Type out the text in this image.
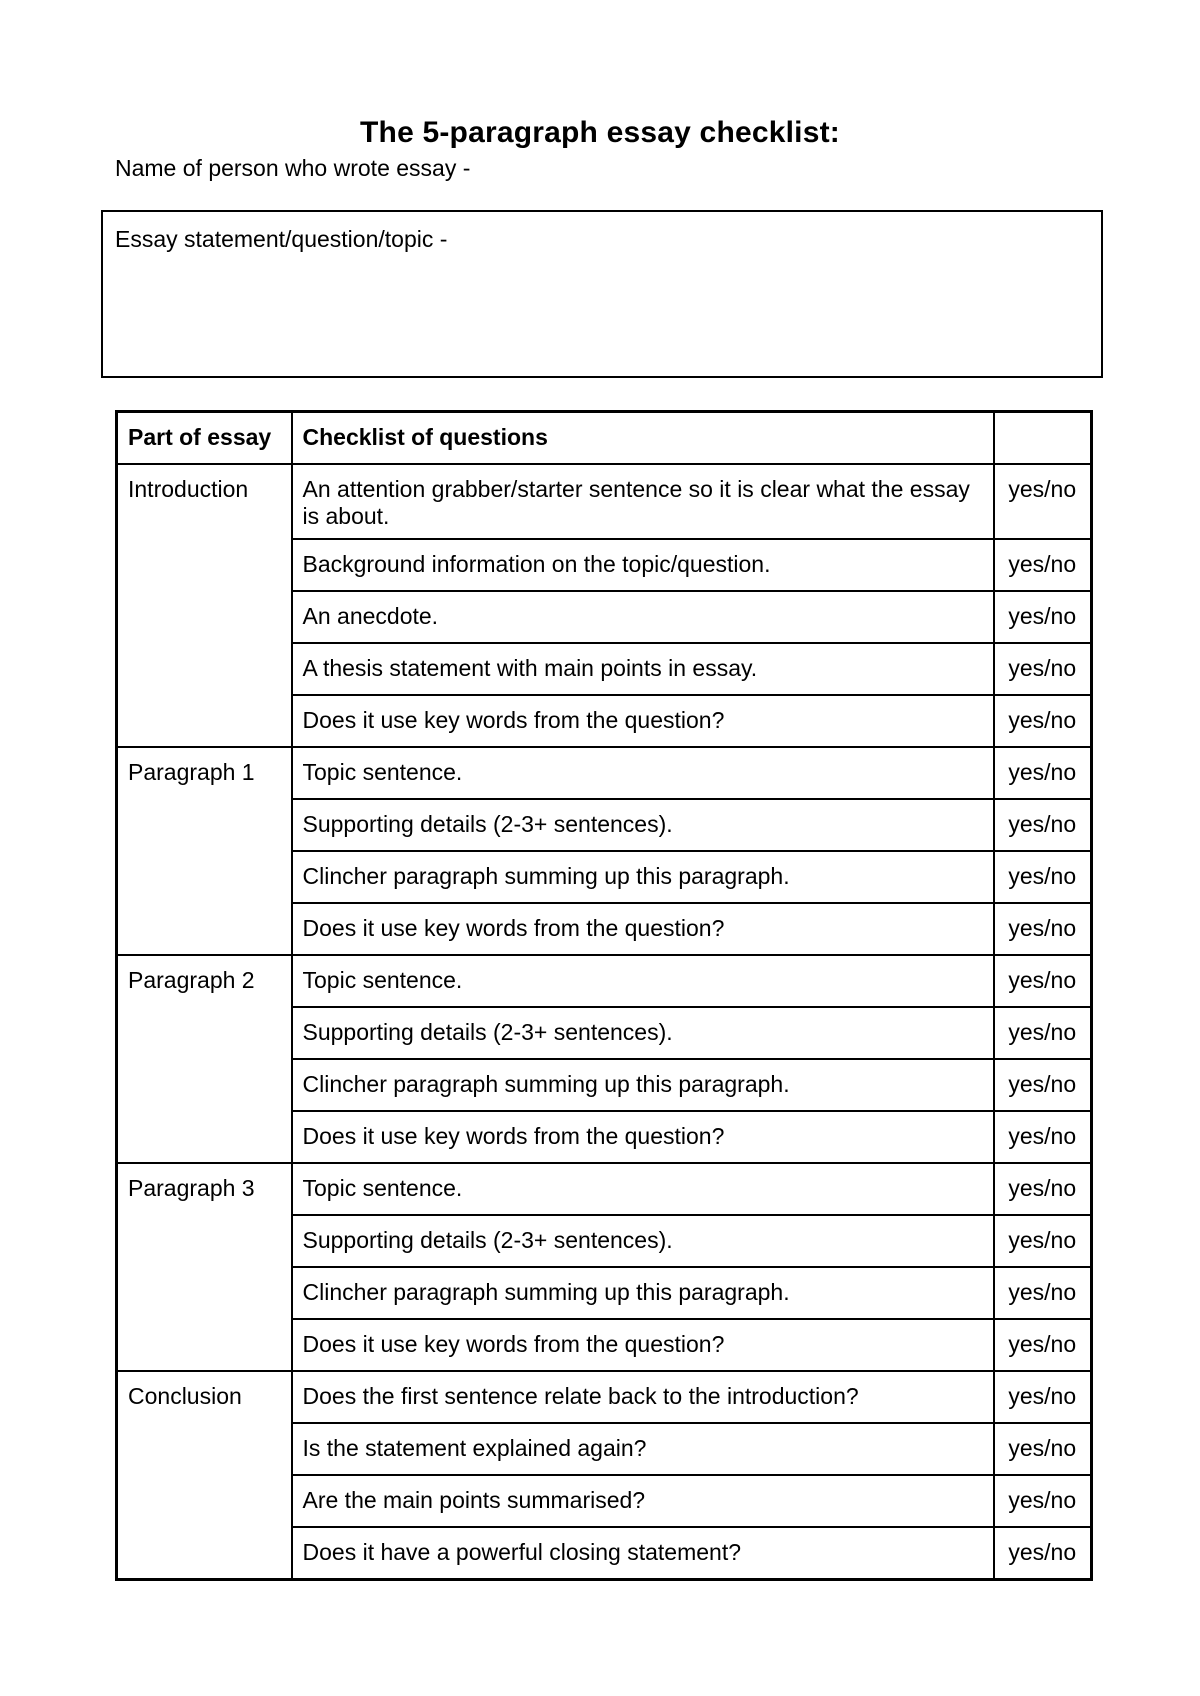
The 5-paragraph essay checklist:
Name of person who wrote essay -
Essay statement/question/topic -
Part of essay	Checklist of questions	
Introduction	An attention grabber/starter sentence so it is clear what the essay is about.	yes/no
	Background information on the topic/question.	yes/no
	An anecdote.	yes/no
	A thesis statement with main points in essay.	yes/no
	Does it use key words from the question?	yes/no
Paragraph 1	Topic sentence.	yes/no
	Supporting details (2-3+ sentences).	yes/no
	Clincher paragraph summing up this paragraph.	yes/no
	Does it use key words from the question?	yes/no
Paragraph 2	Topic sentence.	yes/no
	Supporting details (2-3+ sentences).	yes/no
	Clincher paragraph summing up this paragraph.	yes/no
	Does it use key words from the question?	yes/no
Paragraph 3	Topic sentence.	yes/no
	Supporting details (2-3+ sentences).	yes/no
	Clincher paragraph summing up this paragraph.	yes/no
	Does it use key words from the question?	yes/no
Conclusion	Does the first sentence relate back to the introduction?	yes/no
	Is the statement explained again?	yes/no
	Are the main points summarised?	yes/no
	Does it have a powerful closing statement?	yes/no
